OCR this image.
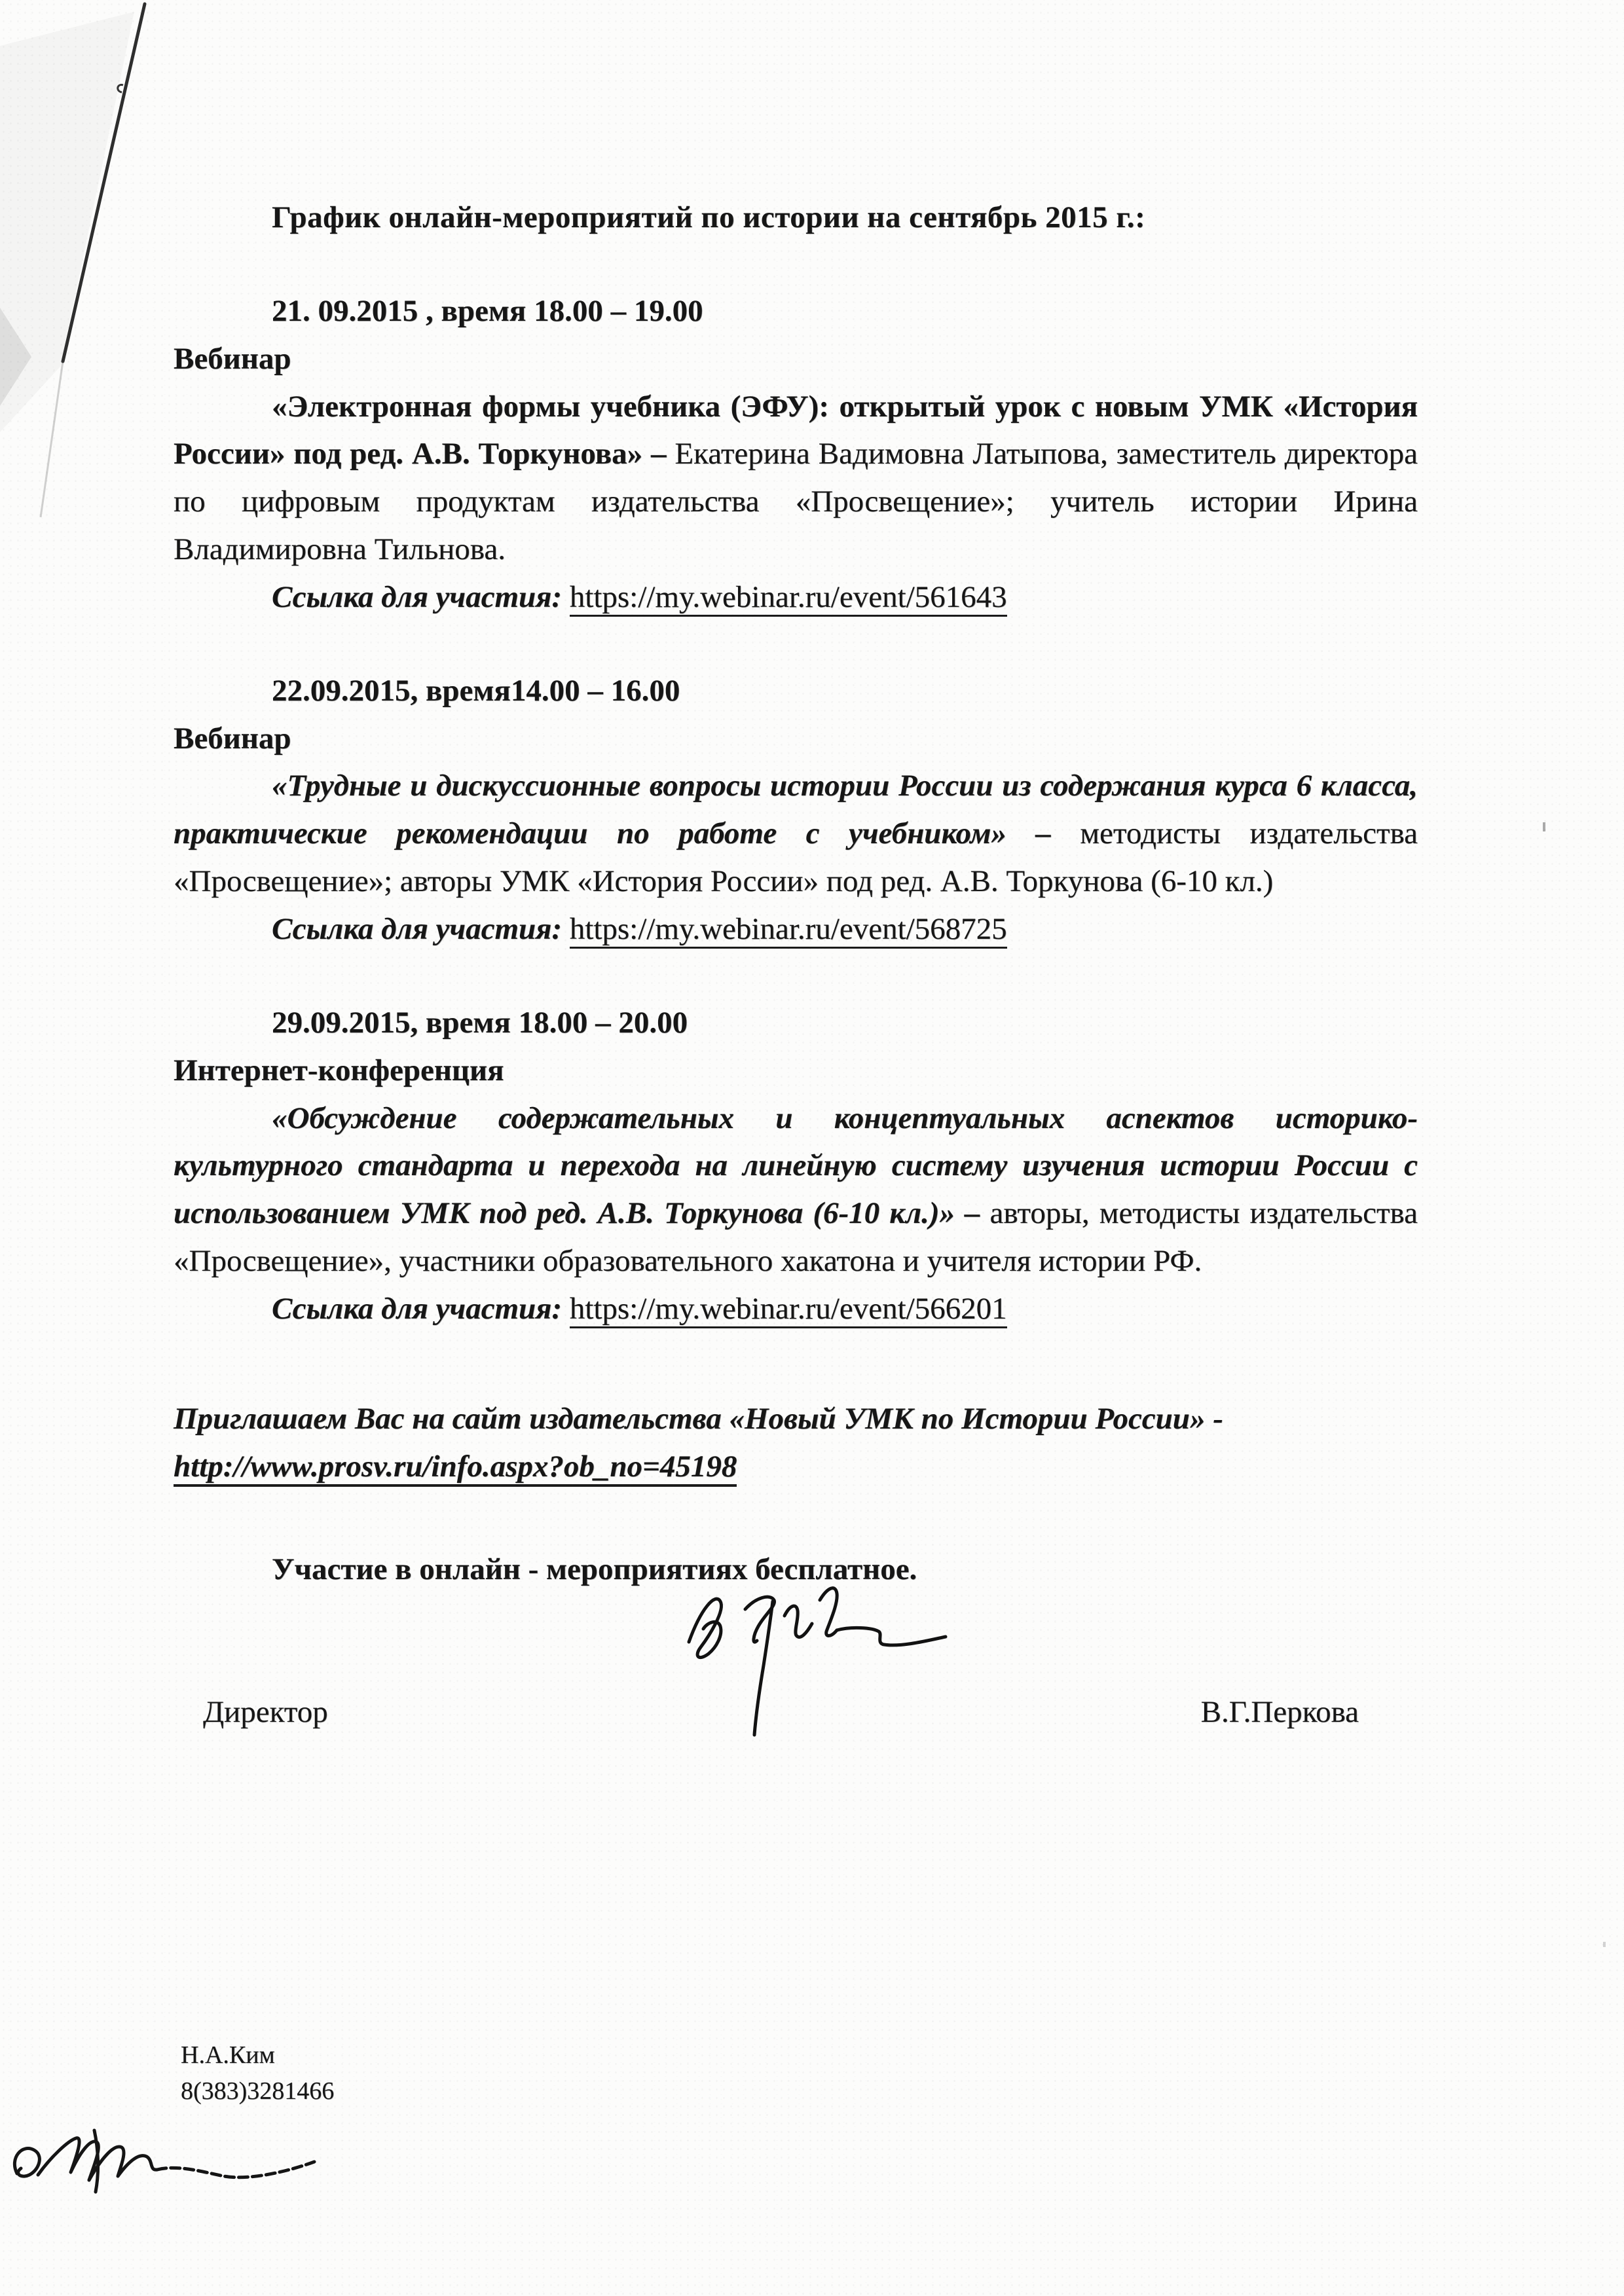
График онлайн-мероприятий по истории на сентябрь 2015 г.:
21. 09.2015 , время 18.00 – 19.00
Вебинар
«Электронная формы учебника (ЭФУ): открытый урок с новым УМК «История России» под ред. А.В. Торкунова» – Екатерина Вадимовна Латыпова, заместитель директора по цифровым продуктам издательства «Просвещение»; учитель истории Ирина Владимировна Тильнова.
Ссылка для участия: https://my.webinar.ru/event/561643
22.09.2015, время14.00 – 16.00
Вебинар
«Трудные и дискуссионные вопросы истории России из содержания курса 6 класса, практические рекомендации по работе с учебником» – методисты издательства «Просвещение»; авторы УМК «История России» под ред. А.В. Торкунова (6-10 кл.)
Ссылка для участия: https://my.webinar.ru/event/568725
29.09.2015, время 18.00 – 20.00
Интернет-конференция
«Обсуждение содержательных и концептуальных аспектов историко-культурного стандарта и перехода на линейную систему изучения истории России с использованием УМК под ред. А.В. Торкунова (6-10 кл.)» – авторы, методисты издательства «Просвещение», участники образовательного хакатона и учителя истории РФ.
Ссылка для участия: https://my.webinar.ru/event/566201
Приглашаем Вас на сайт издательства «Новый УМК по Истории России» - http://www.prosv.ru/info.aspx?ob_no=45198
Участие в онлайн - мероприятиях бесплатное.
Директор	В.Г.Перкова
Н.А.Ким
8(383)3281466
